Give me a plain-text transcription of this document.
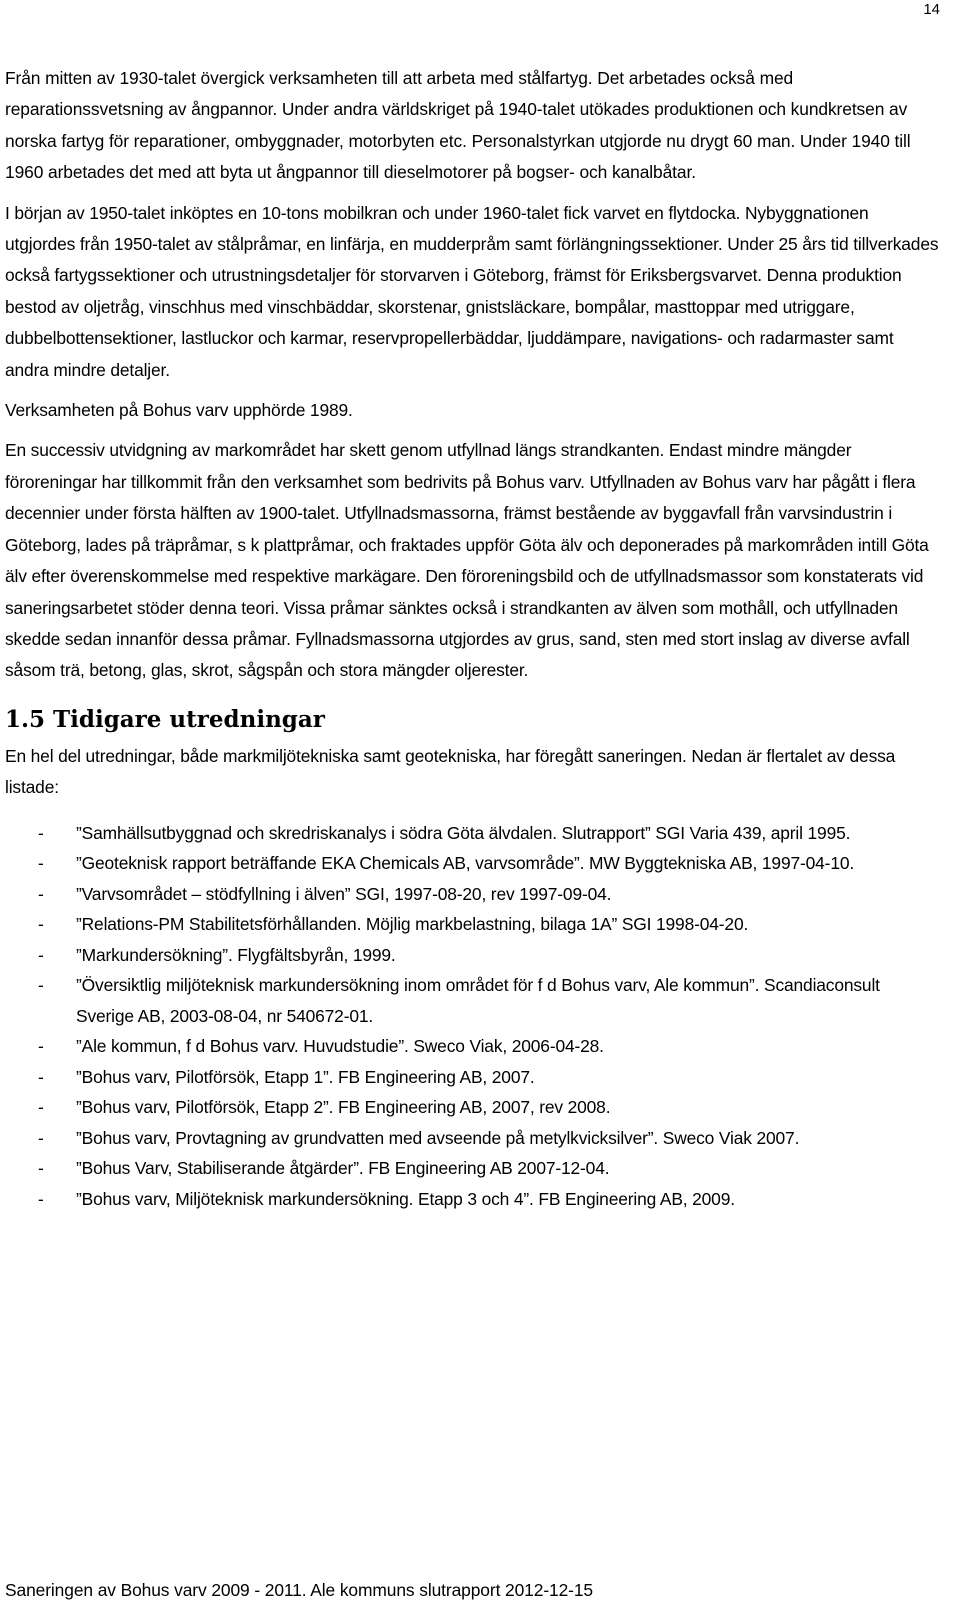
14

Från mitten av 1930-talet övergick verksamheten till att arbeta med stålfartyg. Det arbetades också med reparationssvetsning av ångpannor. Under andra världskriget på 1940-talet utökades produktionen och kundkretsen av norska fartyg för reparationer, ombyggnader, motorbyten etc. Personalstyrkan utgjorde nu drygt 60 man. Under 1940 till 1960 arbetades det med att byta ut ångpannor till dieselmotorer på bogser- och kanalbåtar.

I början av 1950-talet inköptes en 10-tons mobilkran och under 1960-talet fick varvet en flytdocka. Nybyggnationen utgjordes från 1950-talet av stålpråmar, en linfärja, en mudderpråm samt förlängningssektioner. Under 25 års tid tillverkades också fartygssektioner och utrustningsdetaljer för storvarven i Göteborg, främst för Eriksbergsvarvet. Denna produktion bestod av oljetråg, vinschhus med vinschbäddar, skorstenar, gnistsläckare, bompålar, masttoppar med utriggare, dubbelbottensektioner, lastluckor och karmar, reservpropellerbäddar, ljuddämpare, navigations- och radarmaster samt andra mindre detaljer.

Verksamheten på Bohus varv upphörde 1989.

En successiv utvidgning av markområdet har skett genom utfyllnad längs strandkanten. Endast mindre mängder föroreningar har tillkommit från den verksamhet som bedrivits på Bohus varv. Utfyllnaden av Bohus varv har pågått i flera decennier under första hälften av 1900-talet. Utfyllnadsmassorna, främst bestående av byggavfall från varvsindustrin i Göteborg, lades på träpråmar, s k plattpråmar, och fraktades uppför Göta älv och deponerades på markområden intill Göta älv efter överenskommelse med respektive markägare. Den föroreningsbild och de utfyllnadsmassor som konstaterats vid saneringsarbetet stöder denna teori. Vissa pråmar sänktes också i strandkanten av älven som mothåll, och utfyllnaden skedde sedan innanför dessa pråmar. Fyllnadsmassorna utgjordes av grus, sand, sten med stort inslag av diverse avfall såsom trä, betong, glas, skrot, sågspån och stora mängder oljerester.

1.5 Tidigare utredningar

En hel del utredningar, både markmiljötekniska samt geotekniska, har föregått saneringen. Nedan är flertalet av dessa listade:

- ”Samhällsutbyggnad och skredriskanalys i södra Göta älvdalen. Slutrapport” SGI Varia 439, april 1995.
- ”Geoteknisk rapport beträffande EKA Chemicals AB, varvsområde”. MW Byggtekniska AB, 1997-04-10.
- ”Varvsområdet – stödfyllning i älven” SGI, 1997-08-20, rev 1997-09-04.
- ”Relations-PM Stabilitetsförhållanden. Möjlig markbelastning, bilaga 1A” SGI 1998-04-20.
- ”Markundersökning”. Flygfältsbyrån, 1999.
- ”Översiktlig miljöteknisk markundersökning inom området för f d Bohus varv, Ale kommun”. Scandiaconsult Sverige AB, 2003-08-04, nr 540672-01.
- ”Ale kommun, f d Bohus varv. Huvudstudie”. Sweco Viak, 2006-04-28.
- ”Bohus varv, Pilotförsök, Etapp 1”. FB Engineering AB, 2007.
- ”Bohus varv, Pilotförsök, Etapp 2”. FB Engineering AB, 2007, rev 2008.
- ”Bohus varv, Provtagning av grundvatten med avseende på metylkvicksilver”. Sweco Viak 2007.
- ”Bohus Varv, Stabiliserande åtgärder”. FB Engineering AB 2007-12-04.
- ”Bohus varv, Miljöteknisk markundersökning. Etapp 3 och 4”. FB Engineering AB, 2009.
Saneringen av Bohus varv 2009 - 2011. Ale kommuns slutrapport 2012-12-15
